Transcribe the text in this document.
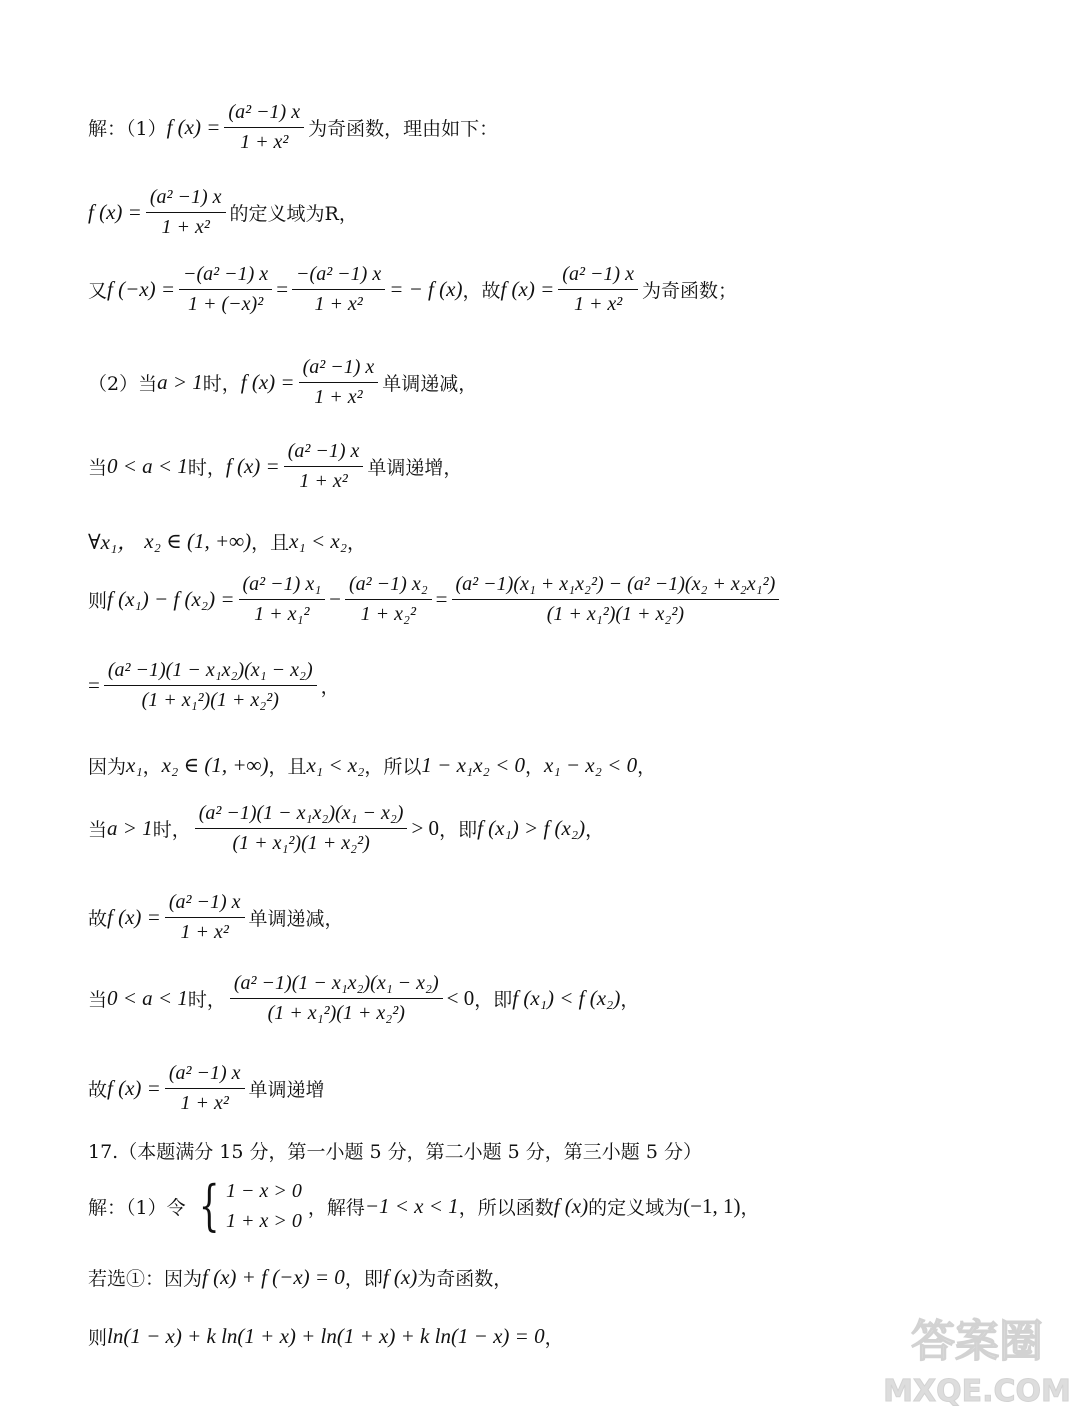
解：（1） f $(x) = \frac{\text{(a² −1) x}}{\text{1 + x²}}$ 为奇函数，理由如下：
f $(x) = \frac{\text{(a² −1) x}}{\text{1 + x²}}$ 的定义域为R，
又 f $(-x) = \frac{\text{−(a² −1) x}}{\text{1 + (−x)²}} = \frac{\text{−(a² −1) x}}{\text{1 + x²}}$ = − f (x) ，故 f $(x) = \frac{\text{(a² −1) x}}{\text{1 + x²}}$ 为奇函数；
（2）当 a > 1 时， f $(x) = \frac{\text{(a² −1) x}}{\text{1 + x²}}$ 单调递减，
当 0 < a < 1 时， f $(x) = \frac{\text{(a² −1) x}}{\text{1 + x²}}$ 单调递增，
∀x₁， x₂ ∈ (1, +∞) ，且 x₁ < x₂ ，
则 f (x₁) − f $(x_2) = \frac{\text{(a² −1) x₁}}{\text{1 + x₁²}} - \frac{\text{(a² −1) x₂}}{\text{1 + x₂²}} = \frac{\text{(a² −1)(x₁ + x₁x₂²) − (a² −1)(x₂ + x₂x₁²)}}{\text{(1 + x₁²)(1 + x₂²)}}$
= $\frac{\text{(a² −1)(1 − x₁x₂)(x₁ − x₂)}}{\text{(1 + x₁²)(1 + x₂²)}}$ ，
因为 x₁ ， x₂ ∈ (1, +∞) ，且 x₁ < x₂ ，所以 1 − x₁x₂ < 0 ， x₁ − x₂ < 0 ，
当 a > 1 时， $\frac{\text{(a² −1)(1 − x₁x₂)(x₁ − x₂)}}{\text{(1 + x₁²)(1 + x₂²)}} > 0$ ，即 f (x₁) > f (x₂) ，
故 f $(x) = \frac{\text{(a² −1) x}}{\text{1 + x²}}$ 单调递减，
当 0 < a < 1 时， $\frac{\text{(a² −1)(1 − x₁x₂)(x₁ − x₂)}}{\text{(1 + x₁²)(1 + x₂²)}} < 0$ ，即 f (x₁) < f (x₂) ，
故 f $(x) = \frac{\text{(a² −1) x}}{\text{1 + x²}}$ 单调递增
17.（本题满分 15 分，第一小题 5 分，第二小题 5 分，第三小题 5 分）
解：（1）令 { 1 − x > 0
1 + x > 0
，解得 −1 < x < 1 ，所以函数 f (x) 的定义域为 (−1, 1) ，
若选①：因为 f (x) + f (−x) = 0 ，即 f (x) 为奇函数，
则 ln(1 − x) + k ln(1 + x) + ln(1 + x) + k ln(1 − x) = 0 ，	答案圈
MXQE.COM
